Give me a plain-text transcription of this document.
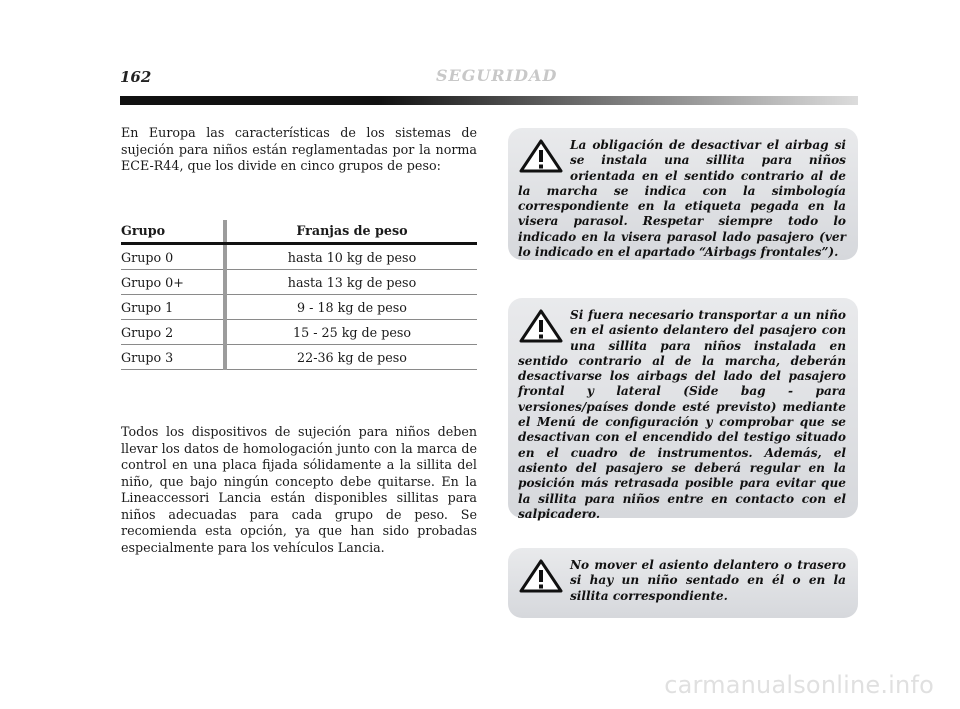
162	SEGURIDAD

En Europa las características de los sistemas de sujeción para niños están reglamentadas por la norma ECE-R44, que los divide en cinco grupos de peso:

Grupo		Franjas de peso
Grupo 0		hasta 10 kg de peso
Grupo 0+		hasta 13 kg de peso
Grupo 1		9 - 18 kg de peso
Grupo 2		15 - 25 kg de peso
Grupo 3		22-36 kg de peso

Todos los dispositivos de sujeción para niños deben llevar los datos de homologación junto con la marca de control en una placa fijada sólidamente a la sillita del niño, que bajo ningún concepto debe quitarse. En la Lineaccessori Lancia están disponibles sillitas para niños adecuadas para cada grupo de peso. Se recomienda esta opción, ya que han sido probadas especialmente para los vehículos Lancia.

La obligación de desactivar el airbag si se instala una sillita para niños orientada en el sentido contrario al de la marcha se indica con la simbología correspondiente en la etiqueta pegada en la visera parasol. Respetar siempre todo lo indicado en la visera parasol lado pasajero (ver lo indicado en el apartado “Airbags frontales”).

Si fuera necesario transportar a un niño en el asiento delantero del pasajero con una sillita para niños instalada en sentido contrario al de la marcha, deberán desactivarse los airbags del lado del pasajero frontal y lateral (Side bag - para versiones/países donde esté previsto) mediante el Menú de configuración y comprobar que se desactivan con el encendido del testigo situado en el cuadro de instrumentos. Además, el asiento del pasajero se deberá regular en la posición más retrasada posible para evitar que la sillita para niños entre en contacto con el salpicadero.

No mover el asiento delantero o trasero si hay un niño sentado en él o en la sillita correspondiente.

carmanualsonline.info
